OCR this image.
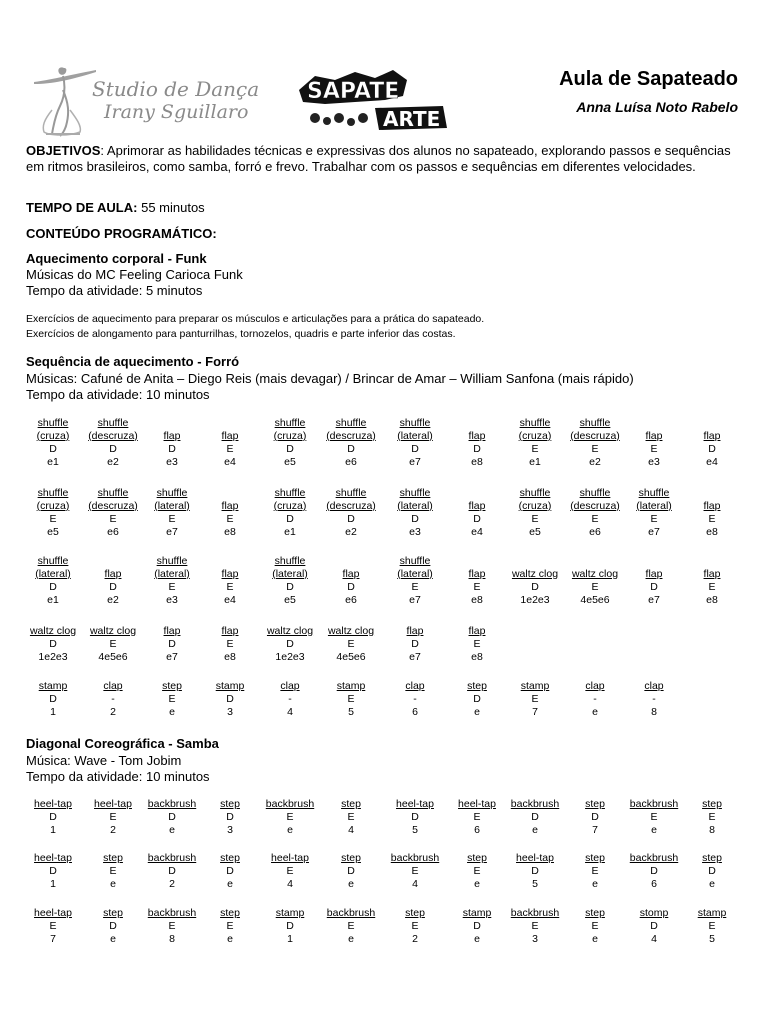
Studio de Dança
Irany Sguillaro
SAPATE
ARTE
Aula de Sapateado
Anna Luísa Noto Rabelo
OBJETIVOS: Aprimorar as habilidades técnicas e expressivas dos alunos no sapateado, explorando passos e sequências em ritmos brasileiros, como samba, forró e frevo. Trabalhar com os passos e sequências em diferentes velocidades.
TEMPO DE AULA: 55 minutos
CONTEÚDO PROGRAMÁTICO:
Aquecimento corporal - Funk
Músicas do MC Feeling Carioca Funk
Tempo da atividade: 5 minutos
Exercícios de aquecimento para preparar os músculos e articulações para a prática do sapateado.
Exercícios de alongamento para panturrilhas, tornozelos, quadris e parte inferior das costas.
Sequência de aquecimento - Forró
Músicas: Cafuné de Anita – Diego Reis (mais devagar) / Brincar de Amar – William Sanfona (mais rápido)
Tempo da atividade: 10 minutos
shuffle
(cruza)
D
e1
shuffle
(descruza)
D
e2
flap
D
e3
flap
E
e4
shuffle
(cruza)
D
e5
shuffle
(descruza)
D
e6
shuffle
(lateral)
D
e7
flap
D
e8
shuffle
(cruza)
E
e1
shuffle
(descruza)
E
e2
flap
E
e3
flap
D
e4
shuffle
(cruza)
E
e5
shuffle
(descruza)
E
e6
shuffle
(lateral)
E
e7
flap
E
e8
shuffle
(cruza)
D
e1
shuffle
(descruza)
D
e2
shuffle
(lateral)
D
e3
flap
D
e4
shuffle
(cruza)
E
e5
shuffle
(descruza)
E
e6
shuffle
(lateral)
E
e7
flap
E
e8
shuffle
(lateral)
D
e1
flap
D
e2
shuffle
(lateral)
E
e3
flap
E
e4
shuffle
(lateral)
D
e5
flap
D
e6
shuffle
(lateral)
E
e7
flap
E
e8
waltz clog
D
1e2e3
waltz clog
E
4e5e6
flap
D
e7
flap
E
e8
waltz clog
D
1e2e3
waltz clog
E
4e5e6
flap
D
e7
flap
E
e8
waltz clog
D
1e2e3
waltz clog
E
4e5e6
flap
D
e7
flap
E
e8
stamp
D
1
clap
-
2
step
E
e
stamp
D
3
clap
-
4
stamp
E
5
clap
-
6
step
D
e
stamp
E
7
clap
-
e
clap
-
8
Diagonal Coreográfica - Samba
Música: Wave - Tom Jobim
Tempo da atividade: 10 minutos
heel-tap
D
1
heel-tap
E
2
backbrush
D
e
step
D
3
backbrush
E
e
step
E
4
heel-tap
D
5
heel-tap
E
6
backbrush
D
e
step
D
7
backbrush
E
e
step
E
8
heel-tap
D
1
step
E
e
backbrush
D
2
step
D
e
heel-tap
E
4
step
D
e
backbrush
E
4
step
E
e
heel-tap
D
5
step
E
e
backbrush
D
6
step
D
e
heel-tap
E
7
step
D
e
backbrush
E
8
step
E
e
stamp
D
1
backbrush
E
e
step
E
2
stamp
D
e
backbrush
E
3
step
E
e
stomp
D
4
stamp
E
5
